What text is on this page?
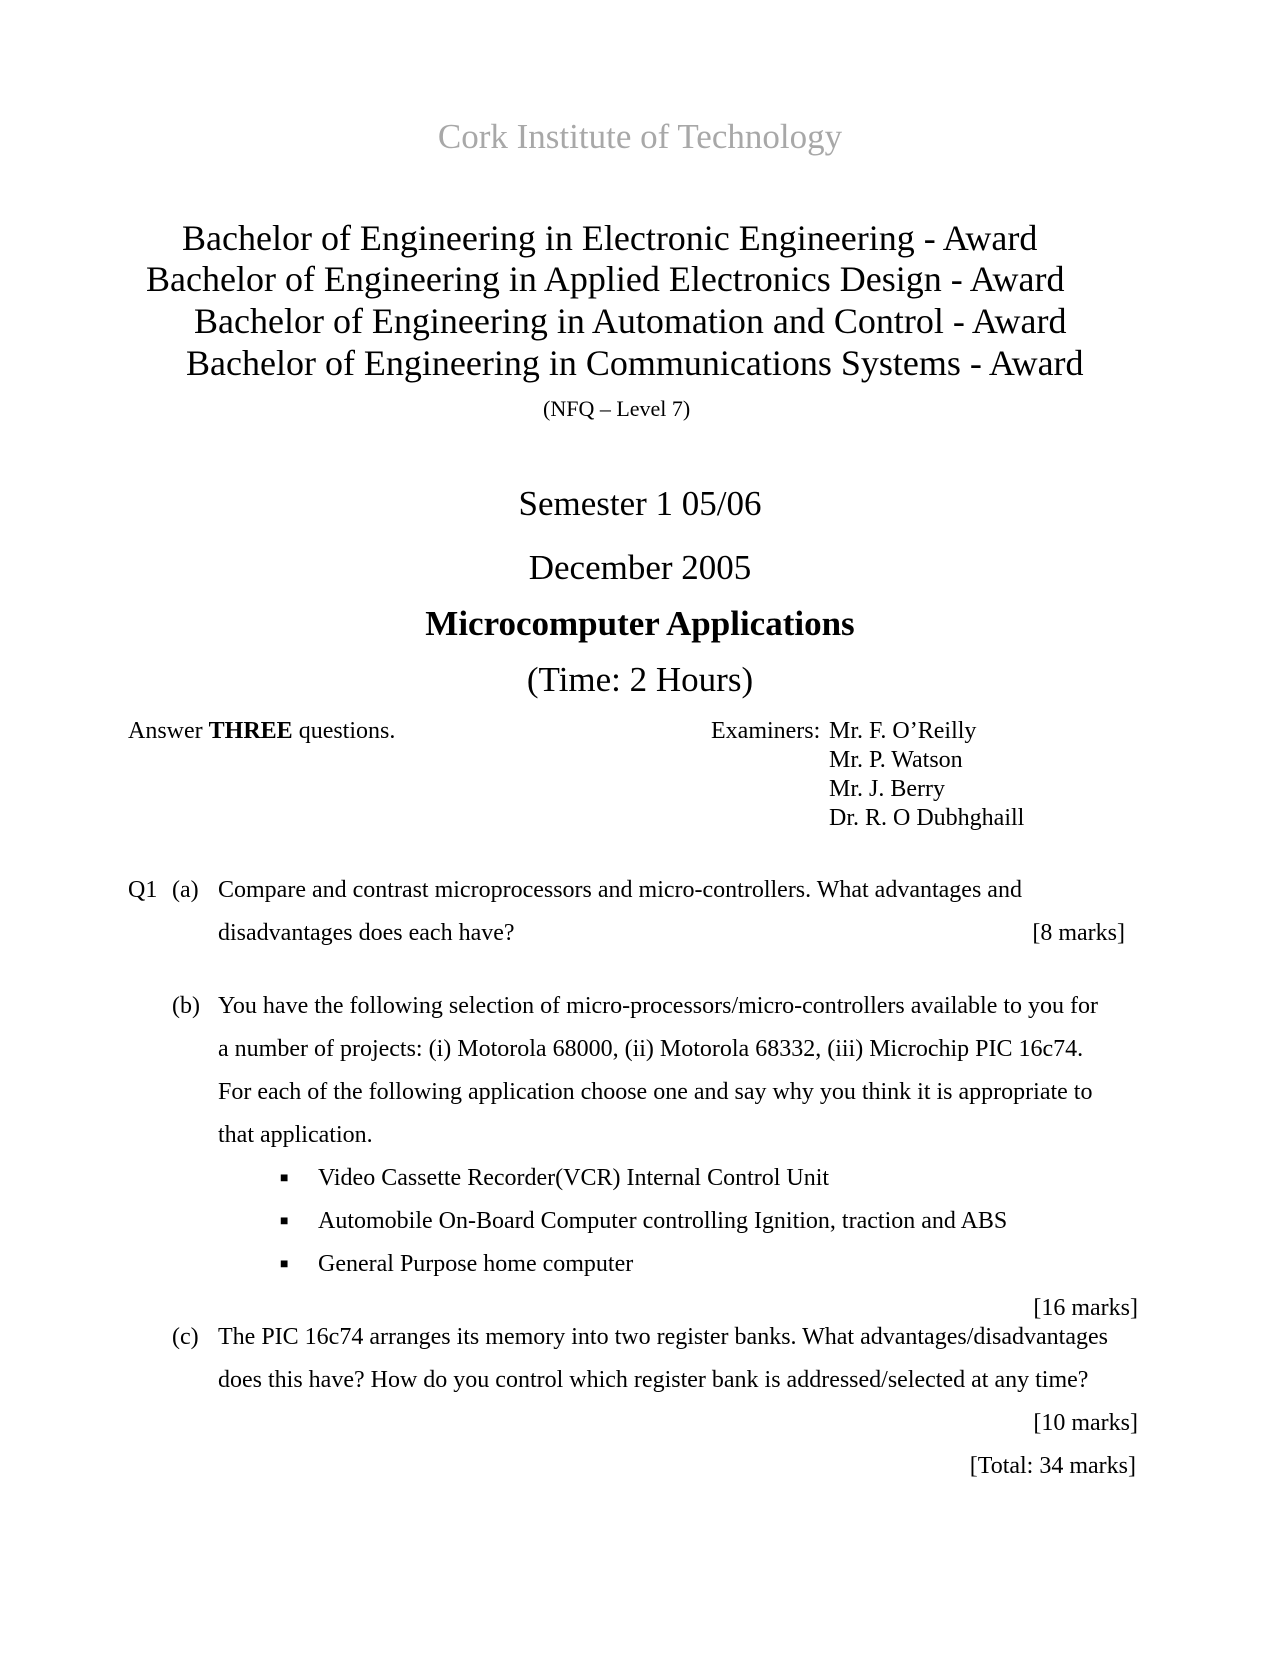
Cork Institute of Technology
Bachelor of Engineering in Electronic Engineering - Award
Bachelor of Engineering in Applied Electronics Design - Award
Bachelor of Engineering in Automation and Control - Award
Bachelor of Engineering in Communications Systems - Award
(NFQ – Level 7)
Semester 1 05/06
December 2005
Microcomputer Applications
(Time: 2 Hours)
Answer THREE questions.	Examiners: Mr. F. O’Reilly
Mr. P. Watson
Mr. J. Berry
Dr. R. O Dubhghaill
Q1 (a) Compare and contrast microprocessors and micro-controllers. What advantages and
disadvantages does each have?	[8 marks]
(b) You have the following selection of micro-processors/micro-controllers available to you for
a number of projects: (i) Motorola 68000, (ii) Motorola 68332, (iii) Microchip PIC 16c74.
For each of the following application choose one and say why you think it is appropriate to
that application.
■ Video Cassette Recorder(VCR) Internal Control Unit
■ Automobile On-Board Computer controlling Ignition, traction and ABS
■ General Purpose home computer
[16 marks]
(c) The PIC 16c74 arranges its memory into two register banks. What advantages/disadvantages
does this have? How do you control which register bank is addressed/selected at any time?
[10 marks]
[Total: 34 marks]
